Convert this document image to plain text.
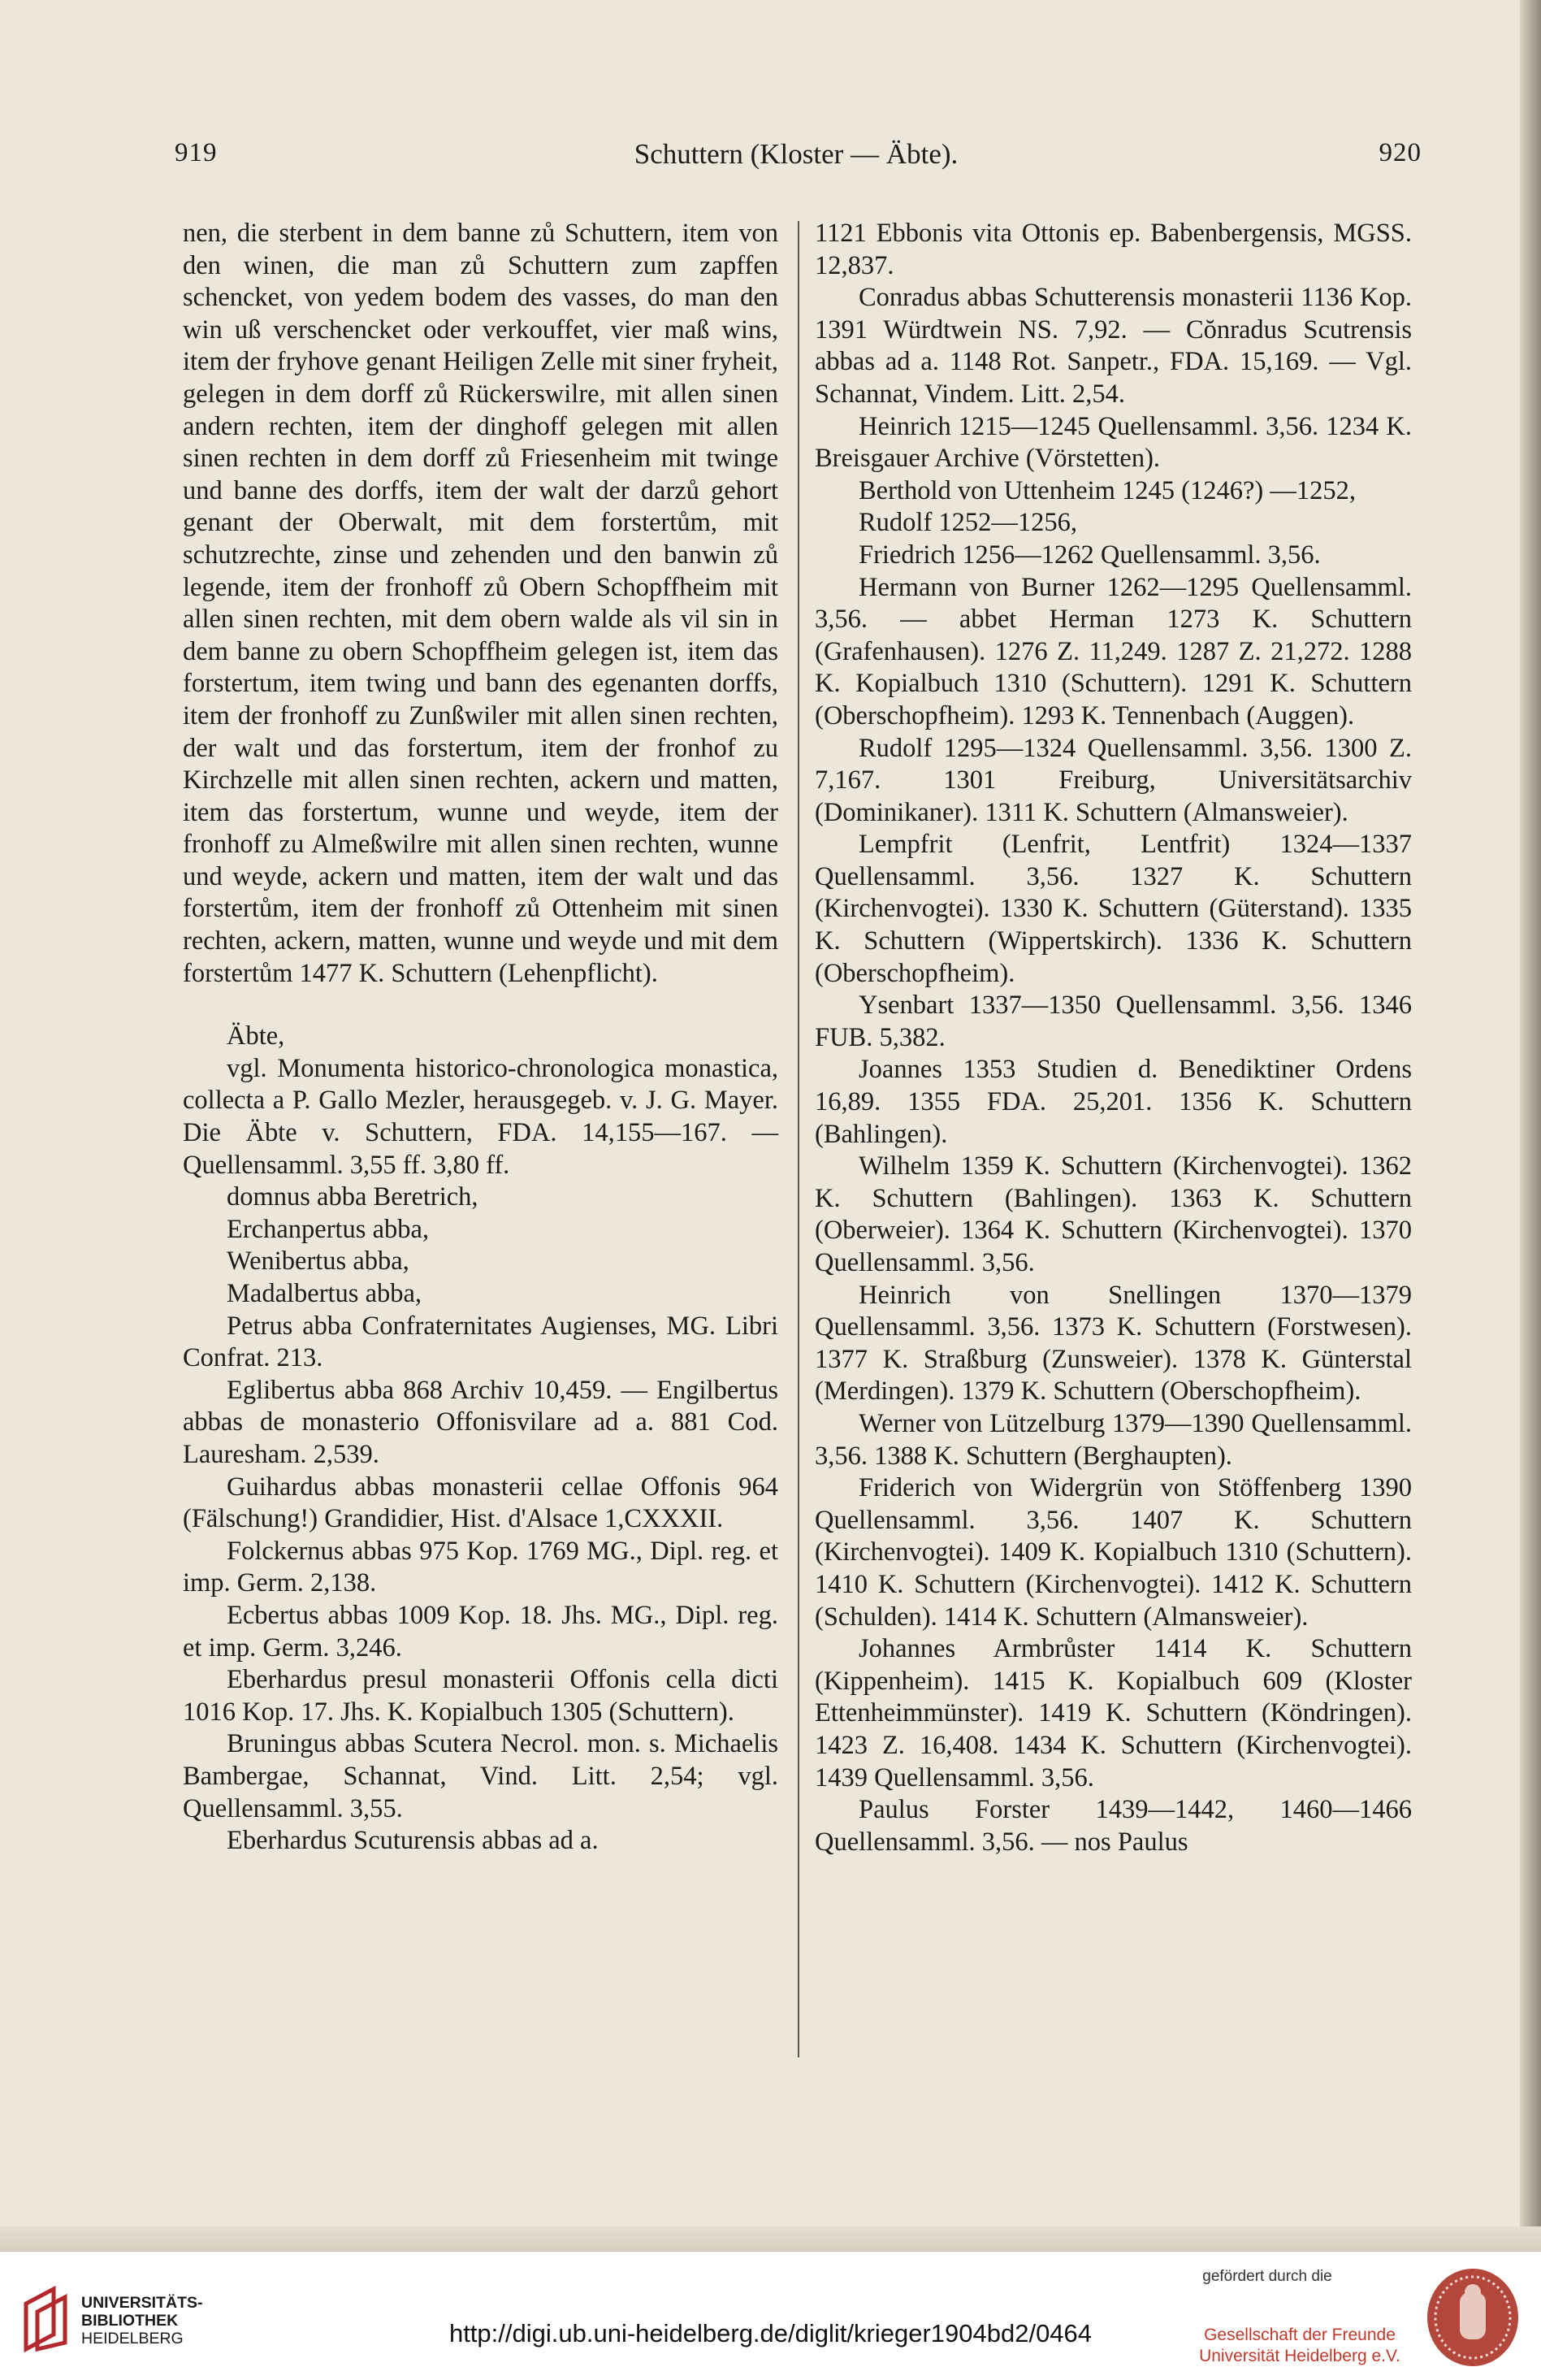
919	Schuttern (Kloster — Äbte).	920

nen, die sterbent in dem banne zů Schuttern, item von den winen, die man zů Schuttern zum zapffen schencket, von yedem bodem des vasses, do man den win uß verschencket oder verkouffet, vier maß wins, item der fryhove genant Heiligen Zelle mit siner fryheit, gelegen in dem dorff zů Rückerswilre, mit allen sinen andern rechten, item der dinghoff gelegen mit allen sinen rechten in dem dorff zů Friesenheim mit twinge und banne des dorffs, item der walt der darzů gehort genant der Oberwalt, mit dem forstertům, mit schutzrechte, zinse und zehenden und den banwin zů legende, item der fronhoff zů Obern Schopffheim mit allen sinen rechten, mit dem obern walde als vil sin in dem banne zu obern Schopffheim gelegen ist, item das forstertum, item twing und bann des egenanten dorffs, item der fronhoff zu Zunßwiler mit allen sinen rechten, der walt und das forstertum, item der fronhof zu Kirchzelle mit allen sinen rechten, ackern und matten, item das forstertum, wunne und weyde, item der fronhoff zu Almeßwilre mit allen sinen rechten, wunne und weyde, ackern und matten, item der walt und das forstertům, item der fronhoff zů Ottenheim mit sinen rechten, ackern, matten, wunne und weyde und mit dem forstertům 1477 K. Schuttern (Lehenpflicht).

Äbte,

vgl. Monumenta historico-chronologica monastica, collecta a P. Gallo Mezler, herausgegeb. v. J. G. Mayer. Die Äbte v. Schuttern, FDA. 14,155—167. — Quellensamml. 3,55 ff. 3,80 ff.

domnus abba Beretrich,

Erchanpertus abba,

Wenibertus abba,

Madalbertus abba,

Petrus abba Confraternitates Augienses, MG. Libri Confrat. 213.

Eglibertus abba 868 Archiv 10,459. — Engilbertus abbas de monasterio Offonisvilare ad a. 881 Cod. Lauresham. 2,539.

Guihardus abbas monasterii cellae Offonis 964 (Fälschung!) Grandidier, Hist. d'Alsace 1,CXXXII.

Folckernus abbas 975 Kop. 1769 MG., Dipl. reg. et imp. Germ. 2,138.

Ecbertus abbas 1009 Kop. 18. Jhs. MG., Dipl. reg. et imp. Germ. 3,246.

Eberhardus presul monasterii Offonis cella dicti 1016 Kop. 17. Jhs. K. Kopialbuch 1305 (Schuttern).

Bruningus abbas Scutera Necrol. mon. s. Michaelis Bambergae, Schannat, Vind. Litt. 2,54; vgl. Quellensamml. 3,55.

Eberhardus Scuturensis abbas ad a.

1121 Ebbonis vita Ottonis ep. Babenbergensis, MGSS. 12,837.

Conradus abbas Schutterensis monasterii 1136 Kop. 1391 Würdtwein NS. 7,92. — Cŏnradus Scutrensis abbas ad a. 1148 Rot. Sanpetr., FDA. 15,169. — Vgl. Schannat, Vindem. Litt. 2,54.

Heinrich 1215—1245 Quellensamml. 3,56. 1234 K. Breisgauer Archive (Vörstetten).

Berthold von Uttenheim 1245 (1246?) —1252,

Rudolf 1252—1256,

Friedrich 1256—1262 Quellensamml. 3,56.

Hermann von Burner 1262—1295 Quellensamml. 3,56. — abbet Herman 1273 K. Schuttern (Grafenhausen). 1276 Z. 11,249. 1287 Z. 21,272. 1288 K. Kopialbuch 1310 (Schuttern). 1291 K. Schuttern (Oberschopfheim). 1293 K. Tennenbach (Auggen).

Rudolf 1295—1324 Quellensamml. 3,56. 1300 Z. 7,167. 1301 Freiburg, Universitätsarchiv (Dominikaner). 1311 K. Schuttern (Almansweier).

Lempfrit (Lenfrit, Lentfrit) 1324—1337 Quellensamml. 3,56. 1327 K. Schuttern (Kirchenvogtei). 1330 K. Schuttern (Güterstand). 1335 K. Schuttern (Wippertskirch). 1336 K. Schuttern (Oberschopfheim).

Ysenbart 1337—1350 Quellensamml. 3,56. 1346 FUB. 5,382.

Joannes 1353 Studien d. Benediktiner Ordens 16,89. 1355 FDA. 25,201. 1356 K. Schuttern (Bahlingen).

Wilhelm 1359 K. Schuttern (Kirchenvogtei). 1362 K. Schuttern (Bahlingen). 1363 K. Schuttern (Oberweier). 1364 K. Schuttern (Kirchenvogtei). 1370 Quellensamml. 3,56.

Heinrich von Snellingen 1370—1379 Quellensamml. 3,56. 1373 K. Schuttern (Forstwesen). 1377 K. Straßburg (Zunsweier). 1378 K. Günterstal (Merdingen). 1379 K. Schuttern (Oberschopfheim).

Werner von Lützelburg 1379—1390 Quellensamml. 3,56. 1388 K. Schuttern (Berghaupten).

Friderich von Widergrün von Stöffenberg 1390 Quellensamml. 3,56. 1407 K. Schuttern (Kirchenvogtei). 1409 K. Kopialbuch 1310 (Schuttern). 1410 K. Schuttern (Kirchenvogtei). 1412 K. Schuttern (Schulden). 1414 K. Schuttern (Almansweier).

Johannes Armbrůster 1414 K. Schuttern (Kippenheim). 1415 K. Kopialbuch 609 (Kloster Ettenheimmünster). 1419 K. Schuttern (Köndringen). 1423 Z. 16,408. 1434 K. Schuttern (Kirchenvogtei). 1439 Quellensamml. 3,56.

Paulus Forster 1439—1442, 1460—1466 Quellensamml. 3,56. — nos Paulus

UNIVERSITÄTS-
BIBLIOTHEK
HEIDELBERG	http://digi.ub.uni-heidelberg.de/diglit/krieger1904bd2/0464
gefördert durch die
Gesellschaft der Freunde
Universität Heidelberg e.V.
